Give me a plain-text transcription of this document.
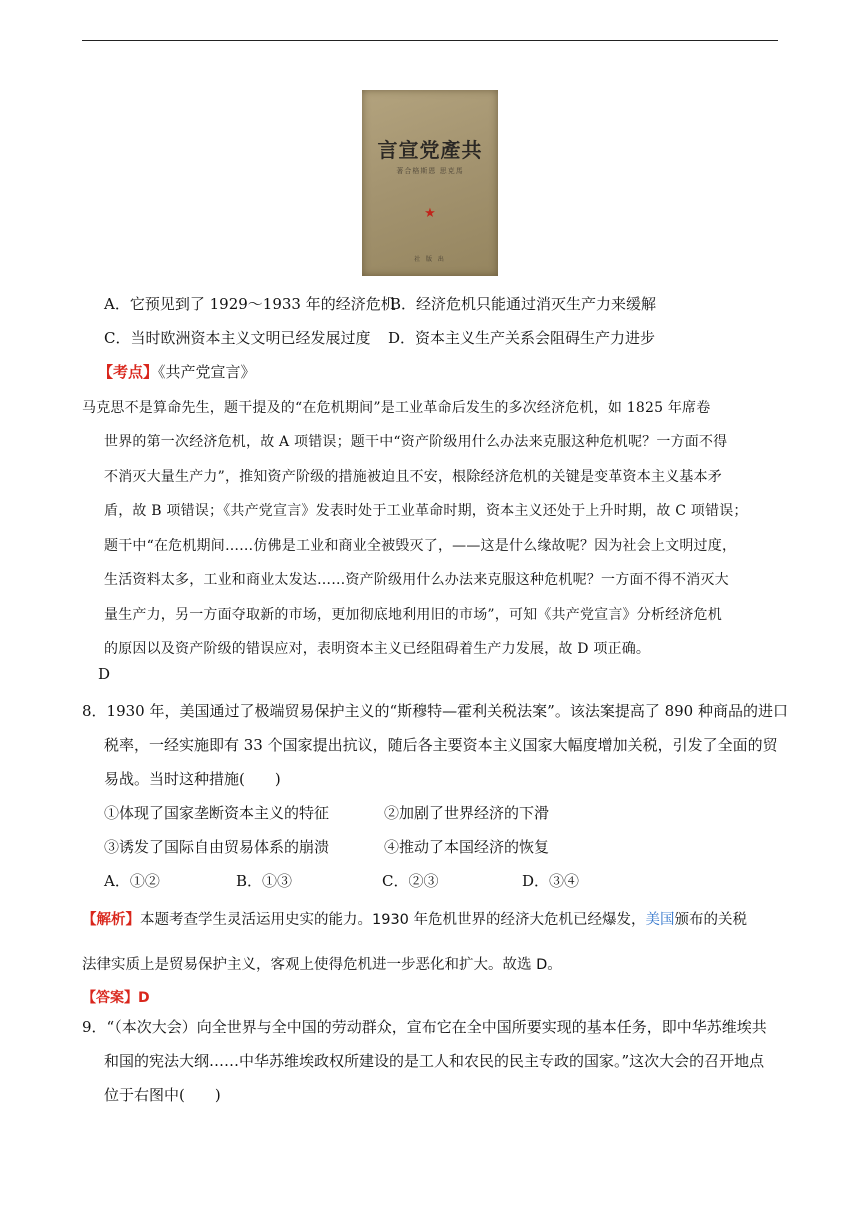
言宣党產共
著合格斯恩 思克馬
★
社 版 出
A．它预见到了 1929～1933 年的经济危机
B．经济危机只能通过消灭生产力来缓解
C．当时欧洲资本主义文明已经发展过度 D．资本主义生产关系会阻碍生产力进步
【考点】《共产党宣言》
马克思不是算命先生，题干提及的“在危机期间”是工业革命后发生的多次经济危机，如 1825 年席卷
世界的第一次经济危机，故 A 项错误；题干中“资产阶级用什么办法来克服这种危机呢？一方面不得
不消灭大量生产力”，推知资产阶级的措施被迫且不安，根除经济危机的关键是变革资本主义基本矛
盾，故 B 项错误；《共产党宣言》发表时处于工业革命时期，资本主义还处于上升时期，故 C 项错误；
题干中“在危机期间……仿佛是工业和商业全被毁灭了，——这是什么缘故呢？因为社会上文明过度，
生活资料太多，工业和商业太发达……资产阶级用什么办法来克服这种危机呢？一方面不得不消灭大
量生产力，另一方面夺取新的市场，更加彻底地利用旧的市场”，可知《共产党宣言》分析经济危机
的原因以及资产阶级的错误应对，表明资本主义已经阻碍着生产力发展，故 D 项正确。
D
8．1930 年，美国通过了极端贸易保护主义的“斯穆特—霍利关税法案”。该法案提高了 890 种商品的进口
税率，一经实施即有 33 个国家提出抗议，随后各主要资本主义国家大幅度增加关税，引发了全面的贸
易战。当时这种措施(　　)
①体现了国家垄断资本主义的特征	②加剧了世界经济的下滑
③诱发了国际自由贸易体系的崩溃	④推动了本国经济的恢复
A．①②	B．①③	C．②③	D．③④
【解析】本题考查学生灵活运用史实的能力。1930 年危机世界的经济大危机已经爆发，美国颁布的关税
法律实质上是贸易保护主义，客观上使得危机进一步恶化和扩大。故选 D。
【答案】D
9．“（本次大会）向全世界与全中国的劳动群众，宣布它在全中国所要实现的基本任务，即中华苏维埃共
和国的宪法大纲……中华苏维埃政权所建设的是工人和农民的民主专政的国家。”这次大会的召开地点
位于右图中(　　)
